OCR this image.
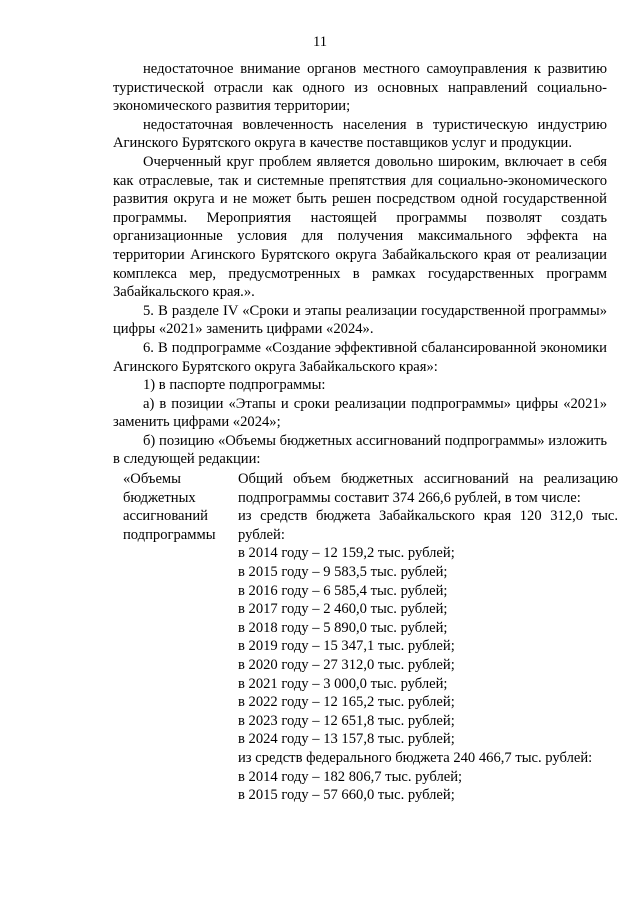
11

недостаточное внимание органов местного самоуправления к развитию туристической отрасли как одного из основных направлений социально-экономического развития территории;

недостаточная вовлеченность населения в туристическую индустрию Агинского Бурятского округа в качестве поставщиков услуг и продукции.

Очерченный круг проблем является довольно широким, включает в себя как отраслевые, так и системные препятствия для социально-экономического развития округа и не может быть решен посредством одной государственной программы. Мероприятия настоящей программы позволят создать организационные условия для получения максимального эффекта на территории Агинского Бурятского округа Забайкальского края от реализации комплекса мер, предусмотренных в рамках государственных программ Забайкальского края.».

5. В разделе IV «Сроки и этапы реализации государственной программы» цифры «2021» заменить цифрами «2024».

6. В подпрограмме «Создание эффективной сбалансированной экономики Агинского Бурятского округа Забайкальского края»:

1) в паспорте подпрограммы:

а) в позиции «Этапы и сроки реализации подпрограммы» цифры «2021» заменить цифрами «2024»;

б) позицию «Объемы бюджетных ассигнований подпрограммы» изложить в следующей редакции:

«Объемы
бюджетных
ассигнований
подпрограммы

Общий объем бюджетных ассигнований на реализацию подпрограммы составит 374 266,6 рублей, в том числе:

из средств бюджета Забайкальского края 120 312,0 тыс. рублей:

в 2014 году – 12 159,2 тыс. рублей;
в 2015 году – 9 583,5 тыс. рублей;
в 2016 году – 6 585,4 тыс. рублей;
в 2017 году – 2 460,0 тыс. рублей;
в 2018 году – 5 890,0 тыс. рублей;
в 2019 году – 15 347,1 тыс. рублей;
в 2020 году – 27 312,0 тыс. рублей;
в 2021 году – 3 000,0 тыс. рублей;
в 2022 году – 12 165,2 тыс. рублей;
в 2023 году – 12 651,8 тыс. рублей;
в 2024 году – 13 157,8 тыс. рублей;
из средств федерального бюджета 240 466,7 тыс. рублей:
в 2014 году – 182 806,7 тыс. рублей;
в 2015 году – 57 660,0 тыс. рублей;
